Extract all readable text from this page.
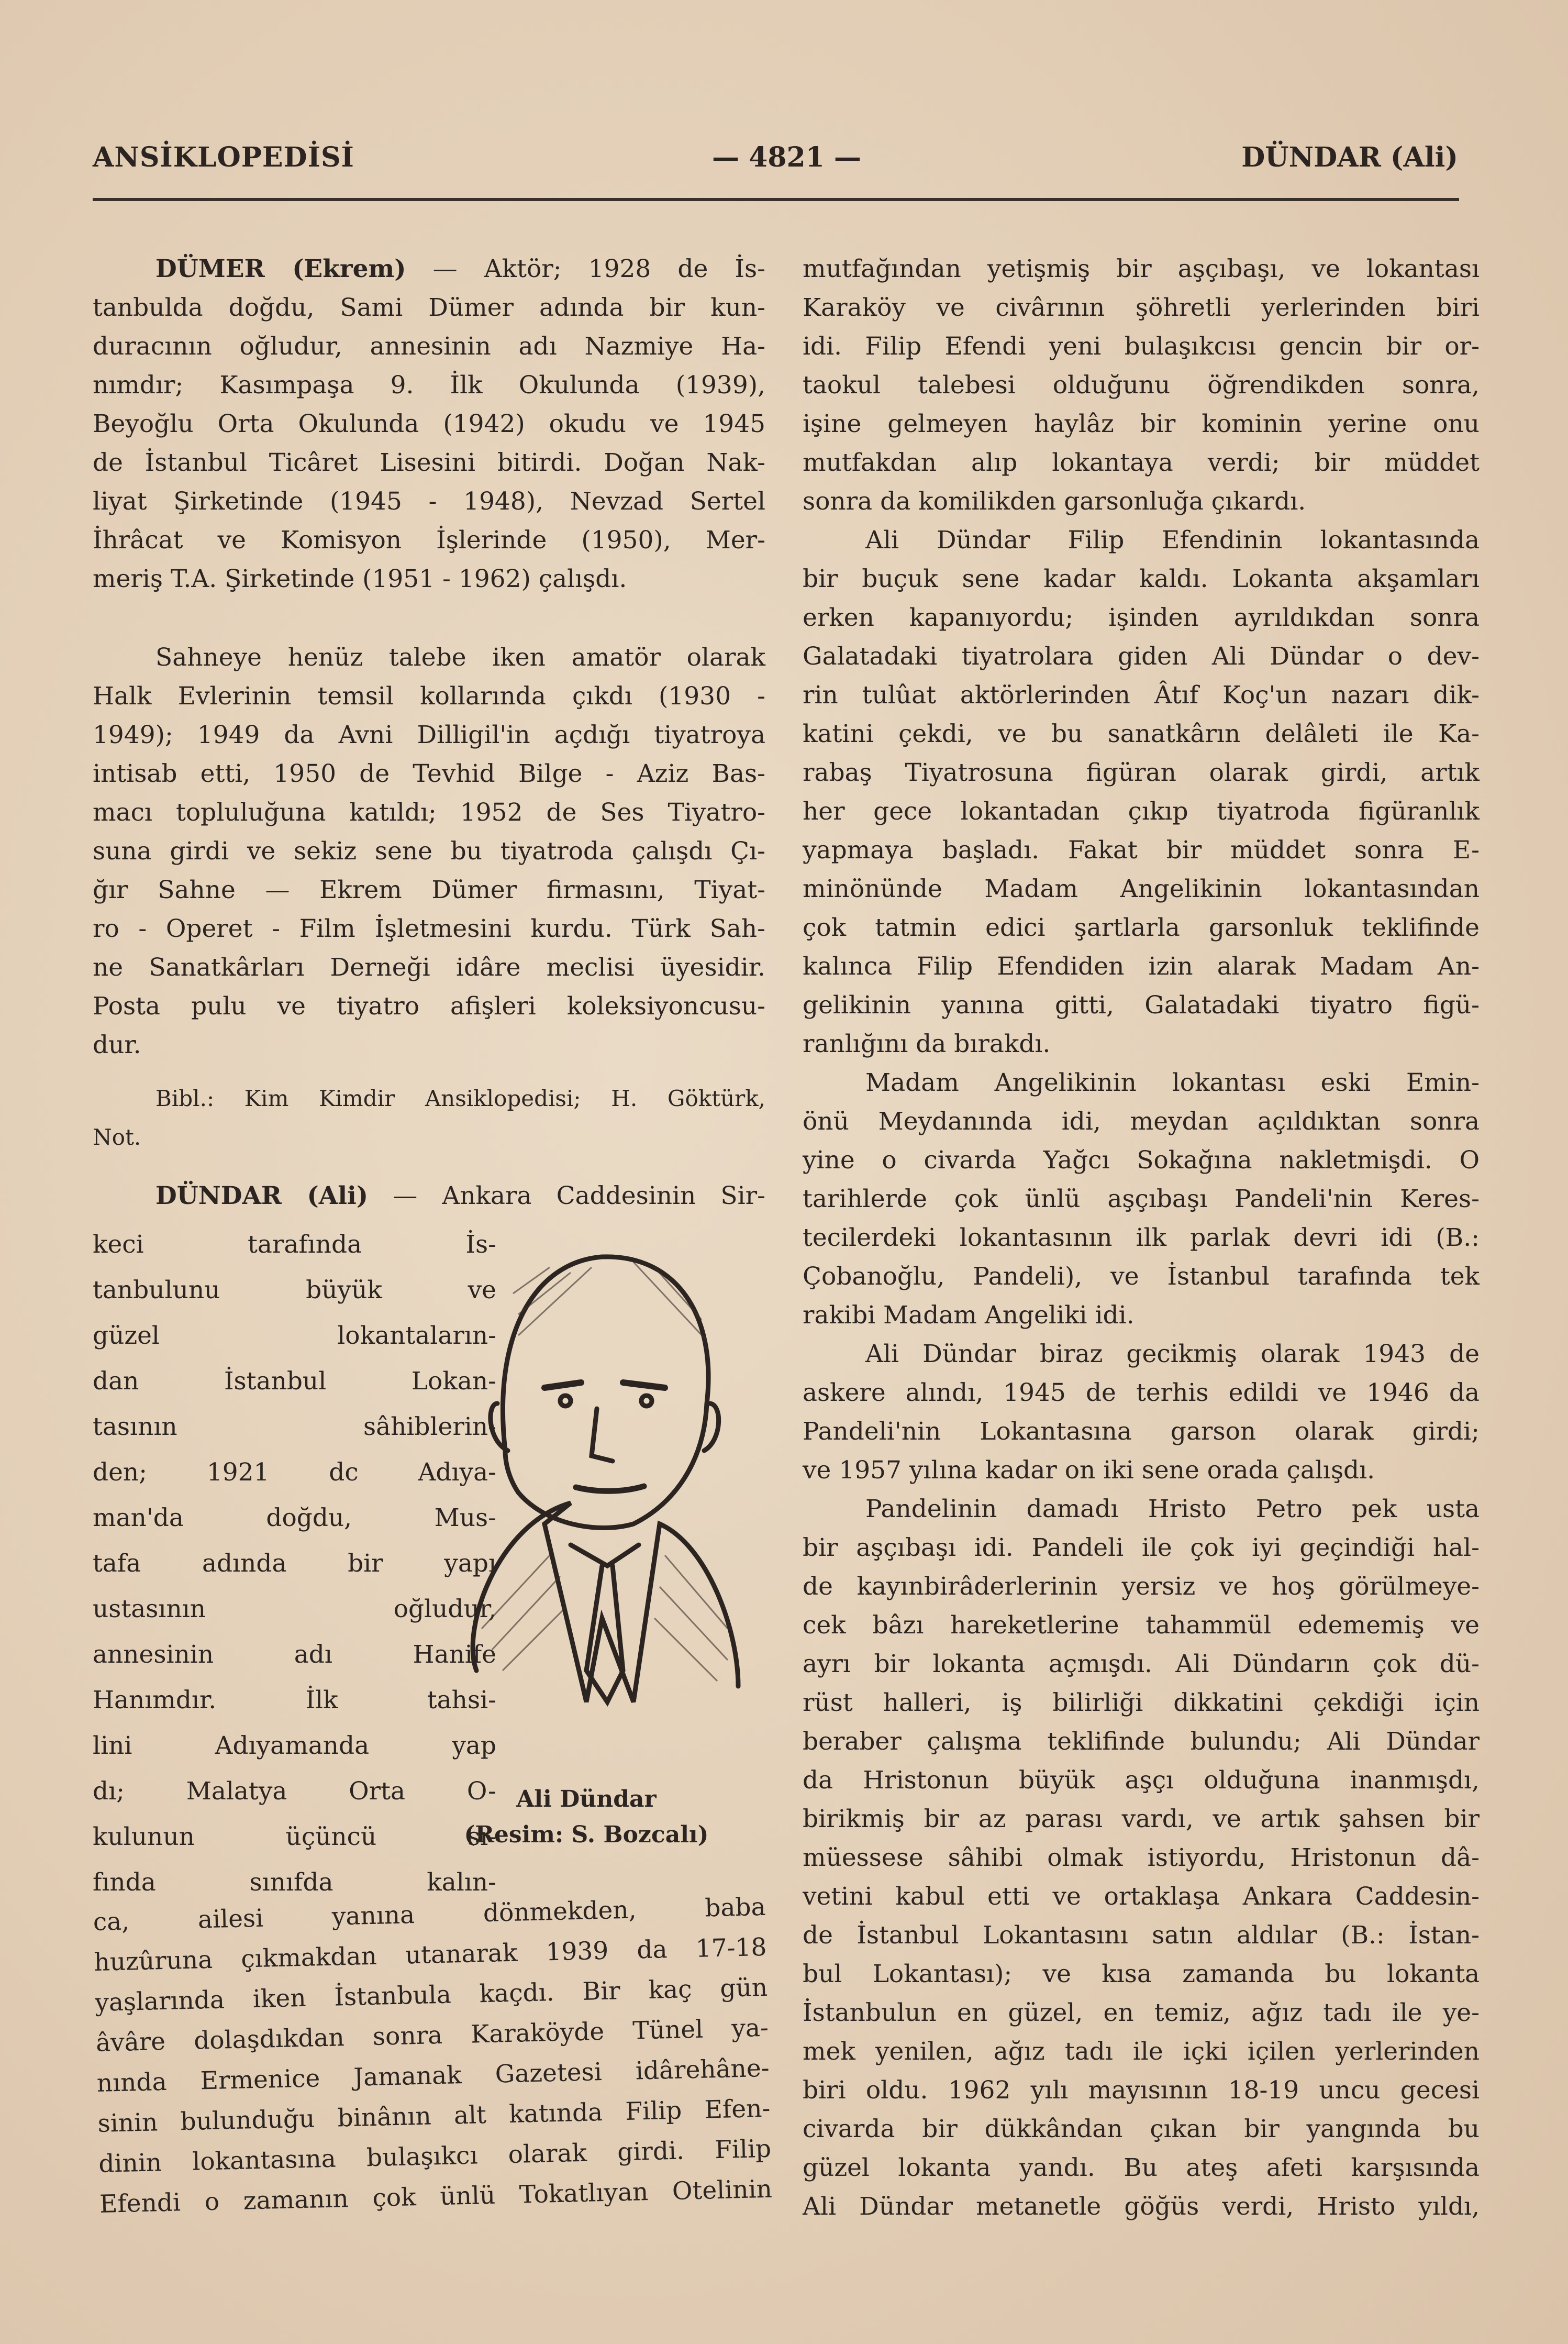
ANSİKLOPEDİSİ	— 4821 —	DÜNDAR (Ali)
DÜMER (Ekrem) — Aktör; 1928 de İs-
tanbulda doğdu, Sami Dümer adında bir kun-
duracının oğludur, annesinin adı Nazmiye Ha-
nımdır; Kasımpaşa 9. İlk Okulunda (1939),
Beyoğlu Orta Okulunda (1942) okudu ve 1945
de İstanbul Ticâret Lisesini bitirdi. Doğan Nak-
liyat Şirketinde (1945 - 1948), Nevzad Sertel
İhrâcat ve Komisyon İşlerinde (1950), Mer-
meriş T.A. Şirketinde (1951 - 1962) çalışdı.
Sahneye henüz talebe iken amatör olarak
Halk Evlerinin temsil kollarında çıkdı (1930 -
1949); 1949 da Avni Dilligil'in açdığı tiyatroya
intisab etti, 1950 de Tevhid Bilge - Aziz Bas-
macı topluluğuna katıldı; 1952 de Ses Tiyatro-
suna girdi ve sekiz sene bu tiyatroda çalışdı Çı-
ğır Sahne — Ekrem Dümer firmasını, Tiyat-
ro - Operet - Film İşletmesini kurdu. Türk Sah-
ne Sanatkârları Derneği idâre meclisi üyesidir.
Posta pulu ve tiyatro afişleri koleksiyoncusu-
dur.
Bibl.: Kim Kimdir Ansiklopedisi; H. Göktürk,
Not.
DÜNDAR (Ali) — Ankara Caddesinin Sir-
keci tarafında İs-
tanbulunu büyük ve
güzel lokantaların-
dan İstanbul Lokan-
tasının sâhiblerin-
den; 1921 dc Adıya-
man'da doğdu, Mus-
tafa adında bir yapı
ustasının oğludur,
annesinin adı Hanife
Hanımdır. İlk tahsi-
lini Adıyamanda yap
dı; Malatya Orta O-
kulunun üçüncü sı-
fında sınıfda kalın-
ca, ailesi yanına dönmekden, baba
huzûruna çıkmakdan utanarak 1939 da 17-18
yaşlarında iken İstanbula kaçdı. Bir kaç gün
âvâre dolaşdıkdan sonra Karaköyde Tünel ya-
nında Ermenice Jamanak Gazetesi idârehâne-
sinin bulunduğu binânın alt katında Filip Efen-
dinin lokantasına bulaşıkcı olarak girdi. Filip
Efendi o zamanın çok ünlü Tokatlıyan Otelinin
mutfağından yetişmiş bir aşçıbaşı, ve lokantası
Karaköy ve civârının şöhretli yerlerinden biri
idi. Filip Efendi yeni bulaşıkcısı gencin bir or-
taokul talebesi olduğunu öğrendikden sonra,
işine gelmeyen haylâz bir kominin yerine onu
mutfakdan alıp lokantaya verdi; bir müddet
sonra da komilikden garsonluğa çıkardı.
Ali Dündar Filip Efendinin lokantasında
bir buçuk sene kadar kaldı. Lokanta akşamları
erken kapanıyordu; işinden ayrıldıkdan sonra
Galatadaki tiyatrolara giden Ali Dündar o dev-
rin tulûat aktörlerinden Âtıf Koç'un nazarı dik-
katini çekdi, ve bu sanatkârın delâleti ile Ka-
rabaş Tiyatrosuna figüran olarak girdi, artık
her gece lokantadan çıkıp tiyatroda figüranlık
yapmaya başladı. Fakat bir müddet sonra E-
minönünde Madam Angelikinin lokantasından
çok tatmin edici şartlarla garsonluk teklifinde
kalınca Filip Efendiden izin alarak Madam An-
gelikinin yanına gitti, Galatadaki tiyatro figü-
ranlığını da bırakdı.
Madam Angelikinin lokantası eski Emin-
önü Meydanında idi, meydan açıldıktan sonra
yine o civarda Yağcı Sokağına nakletmişdi. O
tarihlerde çok ünlü aşçıbaşı Pandeli'nin Keres-
tecilerdeki lokantasının ilk parlak devri idi (B.:
Çobanoğlu, Pandeli), ve İstanbul tarafında tek
rakibi Madam Angeliki idi.
Ali Dündar biraz gecikmiş olarak 1943 de
askere alındı, 1945 de terhis edildi ve 1946 da
Pandeli'nin Lokantasına garson olarak girdi;
ve 1957 yılına kadar on iki sene orada çalışdı.
Pandelinin damadı Hristo Petro pek usta
bir aşçıbaşı idi. Pandeli ile çok iyi geçindiği hal-
de kayınbirâderlerinin yersiz ve hoş görülmeye-
cek bâzı hareketlerine tahammül edememiş ve
ayrı bir lokanta açmışdı. Ali Dündarın çok dü-
rüst halleri, iş bilirliği dikkatini çekdiği için
beraber çalışma teklifinde bulundu; Ali Dündar
da Hristonun büyük aşçı olduğuna inanmışdı,
birikmiş bir az parası vardı, ve artık şahsen bir
müessese sâhibi olmak istiyordu, Hristonun dâ-
vetini kabul etti ve ortaklaşa Ankara Caddesin-
de İstanbul Lokantasını satın aldılar (B.: İstan-
bul Lokantası); ve kısa zamanda bu lokanta
İstanbulun en güzel, en temiz, ağız tadı ile ye-
mek yenilen, ağız tadı ile içki içilen yerlerinden
biri oldu. 1962 yılı mayısının 18-19 uncu gecesi
civarda bir dükkândan çıkan bir yangında bu
güzel lokanta yandı. Bu ateş afeti karşısında
Ali Dündar metanetle göğüs verdi, Hristo yıldı,
Ali Dündar
(Resim: S. Bozcalı)
